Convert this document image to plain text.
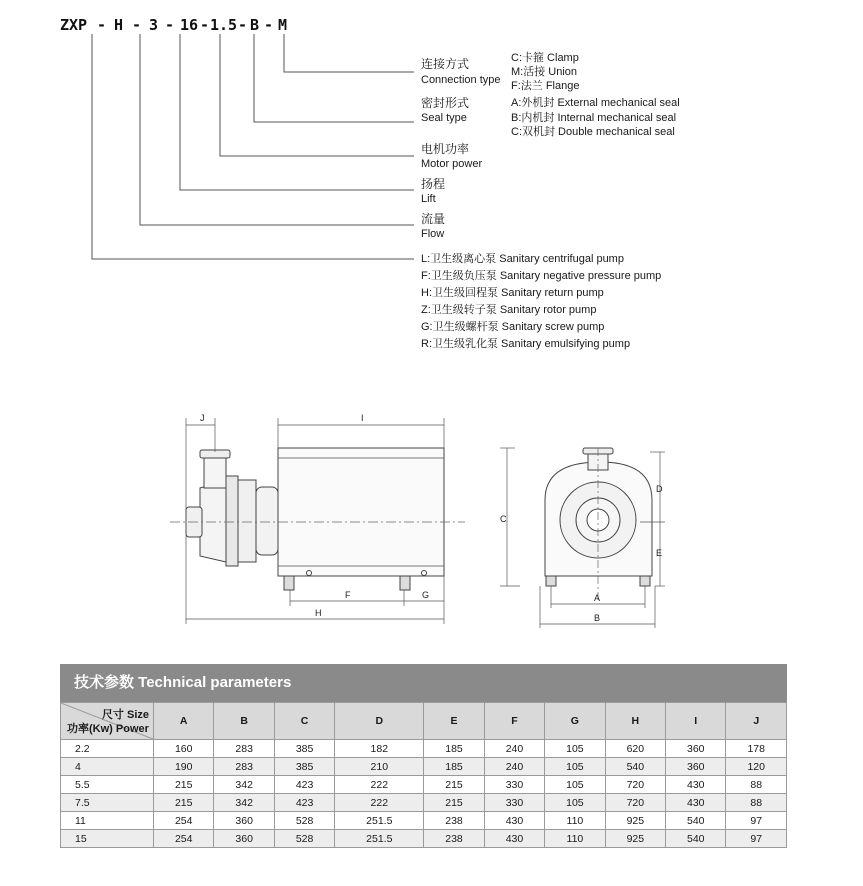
ZXP - H - 3 - 16 - 1.5 - B - M
连接方式
Connection type
C:卡箍 Clamp
M:活接 Union
F:法兰 Flange
密封形式
Seal type
A:外机封 External mechanical seal
B:内机封 Internal mechanical seal
C:双机封 Double mechanical seal
电机功率
Motor power
扬程
Lift
流量
Flow
L:卫生级离心泵 Sanitary centrifugal pump
F:卫生级负压泵 Sanitary negative pressure pump
H:卫生级回程泵 Sanitary return pump
Z:卫生级转子泵 Sanitary rotor pump
G:卫生级螺杆泵 Sanitary screw pump
R:卫生级乳化泵 Sanitary emulsifying pump
J	I
F	G
H
C
D
E
A
B
技术参数 Technical parameters
尺寸 Size
功率(Kw) Power	A	B	C	D	E	F	G	H	I	J
2.2	160	283	385	182	185	240	105	620	360	178
4	190	283	385	210	185	240	105	540	360	120
5.5	215	342	423	222	215	330	105	720	430	88
7.5	215	342	423	222	215	330	105	720	430	88
11	254	360	528	251.5	238	430	110	925	540	97
15	254	360	528	251.5	238	430	110	925	540	97
